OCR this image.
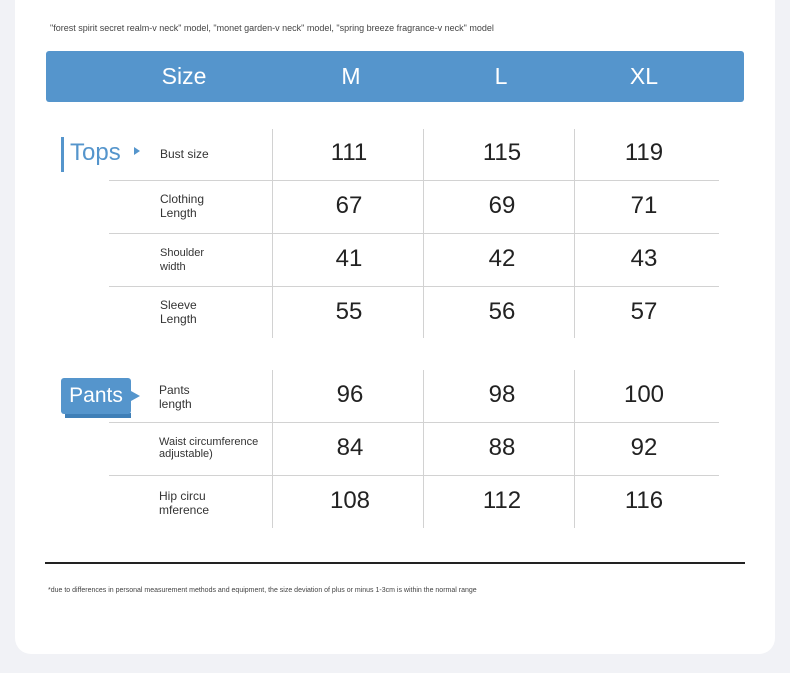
"forest spirit secret realm-v neck" model, "monet garden-v neck" model, "spring breeze fragrance-v neck" model
Size	M	L	XL
Tops	Bust size	111	115	119
Clothing
Length	67	69	71
Shoulder
width	41	42	43
Sleeve
Length	55	56	57
Pants	Pants
length	96	98	100
Waist circumference
adjustable)	84	88	92
Hip circu
mference	108	112	116
*due to differences in personal measurement methods and equipment, the size deviation of plus or minus 1-3cm is within the normal range
